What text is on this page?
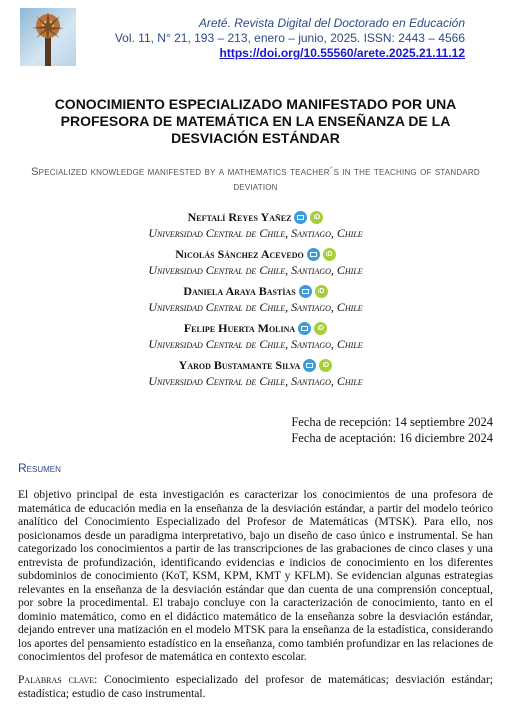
Areté. Revista Digital del Doctorado en Educación
Vol. 11, N° 21, 193 – 213, enero – junio, 2025. ISSN: 2443 – 4566
https://doi.org/10.55560/arete.2025.21.11.12
CONOCIMIENTO ESPECIALIZADO MANIFESTADO POR UNA PROFESORA DE MATEMÁTICA EN LA ENSEÑANZA DE LA DESVIACIÓN ESTÁNDAR
Specialized knowledge manifested by a mathematics teacher´s in the teaching of standard deviation
Neftalí Reyes Yañez	iD
Universidad Central de Chile, Santiago, Chile
Nicolás Sánchez Acevedo	iD
Universidad Central de Chile, Santiago, Chile
Daniela Araya Bastías	iD
Universidad Central de Chile, Santiago, Chile
Felipe Huerta Molina	iD
Universidad Central de Chile, Santiago, Chile
Yarod Bustamante Silva	iD
Universidad Central de Chile, Santiago, Chile
Fecha de recepción: 14 septiembre 2024
Fecha de aceptación: 16 diciembre 2024
Resumen
El objetivo principal de esta investigación es caracterizar los conocimientos de una profesora de matemática de educación media en la enseñanza de la desviación estándar, a partir del modelo teórico analítico del Conocimiento Especializado del Profesor de Matemáticas (MTSK). Para ello, nos posicionamos desde un paradigma interpretativo, bajo un diseño de caso único e instrumental. Se han categorizado los conocimientos a partir de las transcripciones de las grabaciones de cinco clases y una entrevista de profundización, identificando evidencias e indicios de conocimiento en los diferentes subdominios de conocimiento (KoT, KSM, KPM, KMT y KFLM). Se evidencian algunas estrategias relevantes en la enseñanza de la desviación estándar que dan cuenta de una comprensión conceptual, por sobre la procedimental. El trabajo concluye con la caracterización de conocimiento, tanto en el dominio matemático, como en el didáctico matemático de la enseñanza sobre la desviación estándar, dejando entrever una matización en el modelo MTSK para la enseñanza de la estadística, considerando los aportes del pensamiento estadístico en la enseñanza, como también profundizar en las relaciones de conocimientos del profesor de matemática en contexto escolar.
Palabras clave: Conocimiento especializado del profesor de matemáticas; desviación estándar; estadística; estudio de caso instrumental.
